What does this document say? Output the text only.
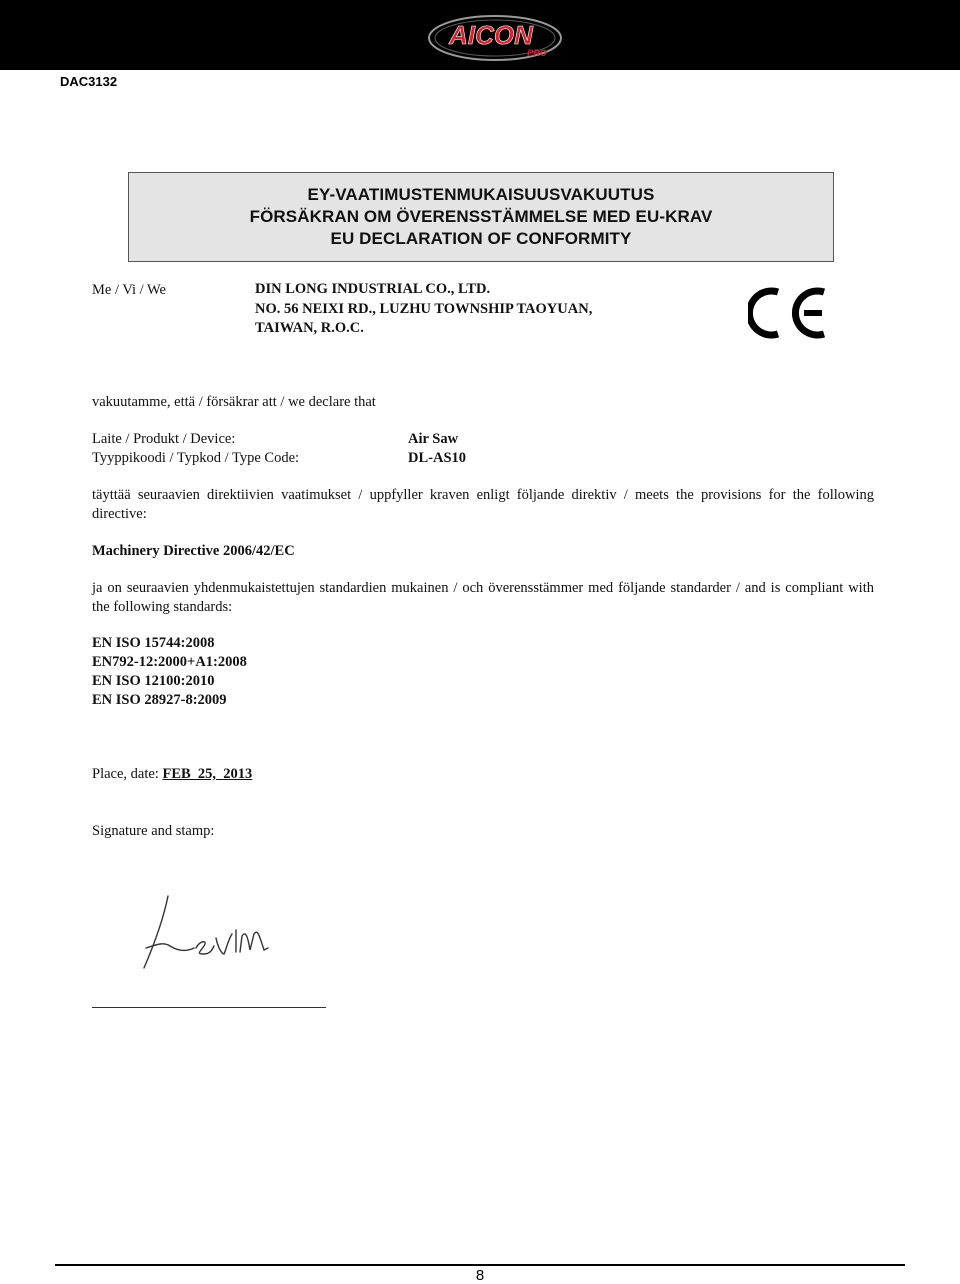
AICON
PRO
DAC3132
EY-VAATIMUSTENMUKAISUUSVAKUUTUS
FÖRSÄKRAN OM ÖVERENSSTÄMMELSE MED EU-KRAV
EU DECLARATION OF CONFORMITY
Me / Vi / We	DIN LONG INDUSTRIAL CO., LTD.
NO. 56 NEIXI RD., LUZHU TOWNSHIP TAOYUAN,
TAIWAN, R.O.C.
vakuutamme, että / försäkrar att / we declare that
Laite / Produkt / Device:
Tyyppikoodi / Typkod / Type Code:
Air Saw
DL-AS10
täyttää seuraavien direktiivien vaatimukset / uppfyller kraven enligt följande direktiv / meets the provisions for the following directive:
Machinery Directive 2006/42/EC
ja on seuraavien yhdenmukaistettujen standardien mukainen / och överensstämmer med följande standarder / and is compliant with the following standards:
EN ISO 15744:2008
EN792-12:2000+A1:2008
EN ISO 12100:2010
EN ISO 28927-8:2009
Place, date: FEB  25,  2013
Signature and stamp:
8
